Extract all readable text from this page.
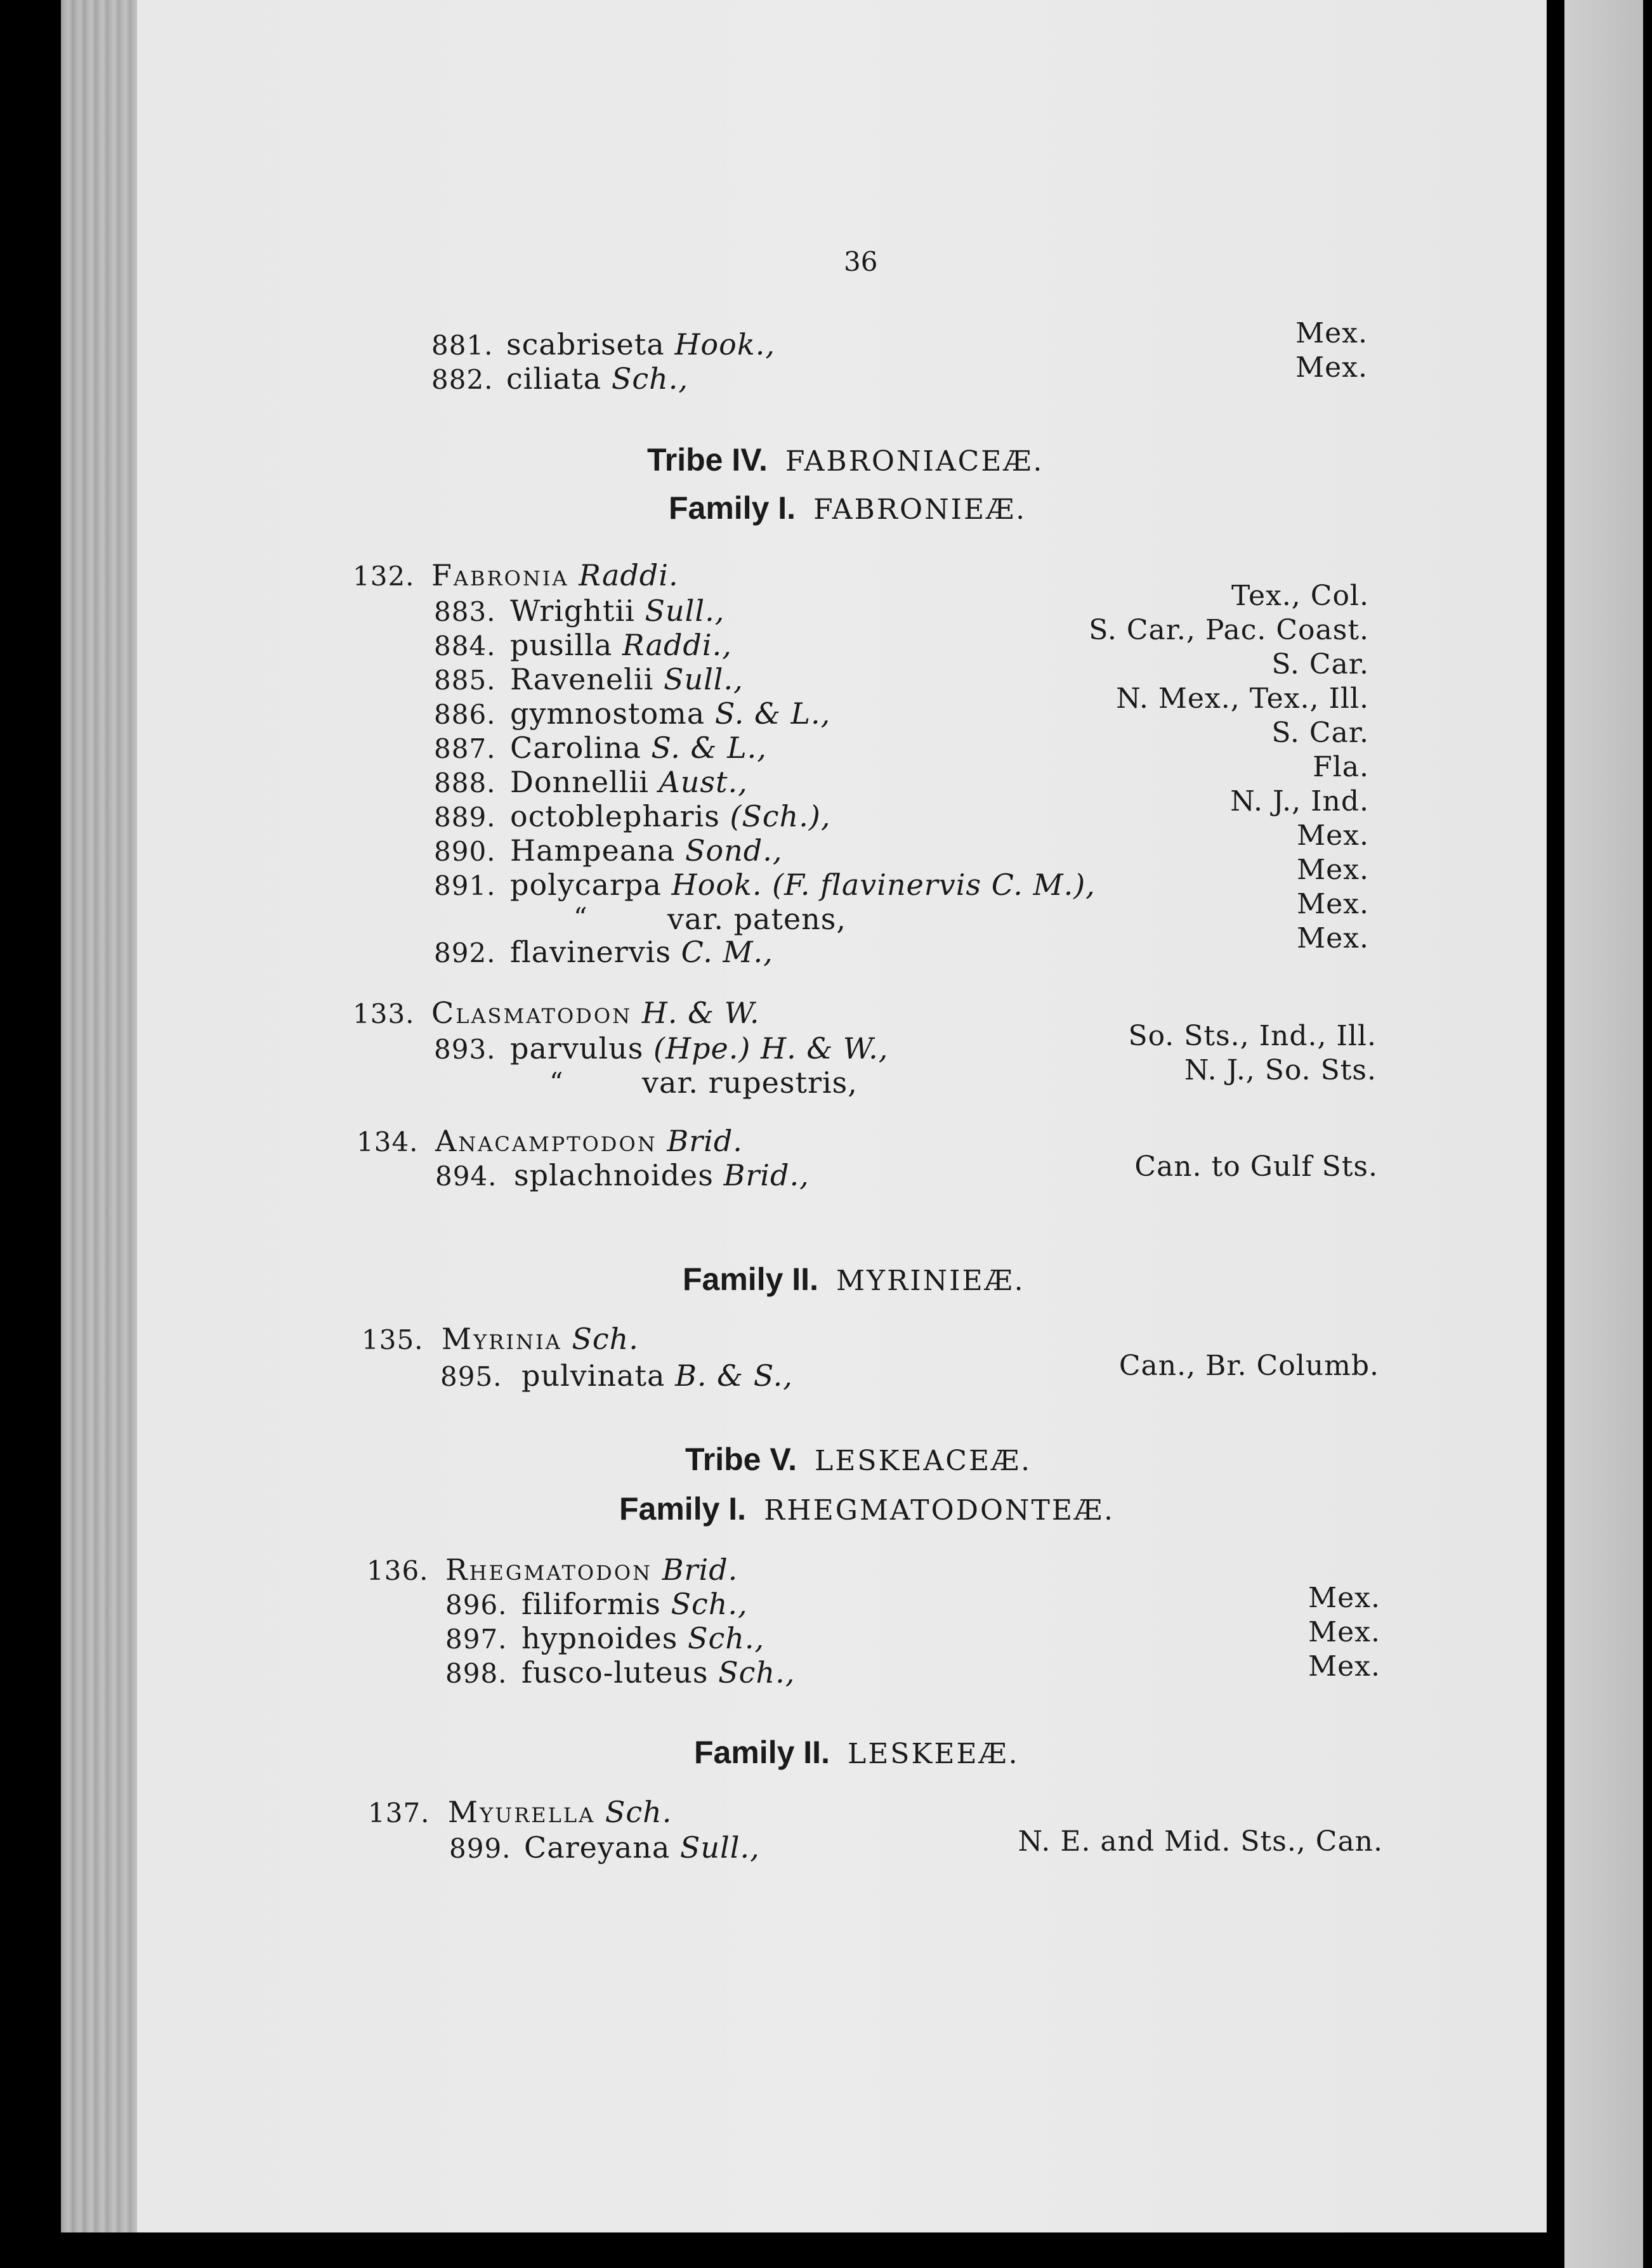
36
881. scabriseta Hook.,	Mex.
882. ciliata Sch.,	Mex.
Tribe IV. FABRONIACEÆ.
Family I. FABRONIEÆ.
132. Fabronia Raddi.
883. Wrightii Sull.,	Tex., Col.
884. pusilla Raddi.,	S. Car., Pac. Coast.
885. Ravenelii Sull.,	S. Car.
886. gymnostoma S. & L.,	N. Mex., Tex., Ill.
887. Carolina S. & L.,	S. Car.
888. Donnellii Aust.,	Fla.
889. octoblepharis (Sch.),	N. J., Ind.
890. Hampeana Sond.,	Mex.
891. polycarpa Hook. (F. flavinervis C. M.),	Mex.
“	var. patens,	Mex.
892. flavinervis C. M.,	Mex.
133. Clasmatodon H. & W.
893. parvulus (Hpe.) H. & W.,	So. Sts., Ind., Ill.
“	var. rupestris,	N. J., So. Sts.
134. Anacamptodon Brid.
894. splachnoides Brid.,	Can. to Gulf Sts.
Family II. MYRINIEÆ.
135. Myrinia Sch.
895. pulvinata B. & S.,	Can., Br. Columb.
Tribe V. LESKEACEÆ.
Family I. RHEGMATODONTEÆ.
136. Rhegmatodon Brid.
896. filiformis Sch.,	Mex.
897. hypnoides Sch.,	Mex.
898. fusco-luteus Sch.,	Mex.
Family II. LESKEEÆ.
137. Myurella Sch.
899. Careyana Sull.,	N. E. and Mid. Sts., Can.
